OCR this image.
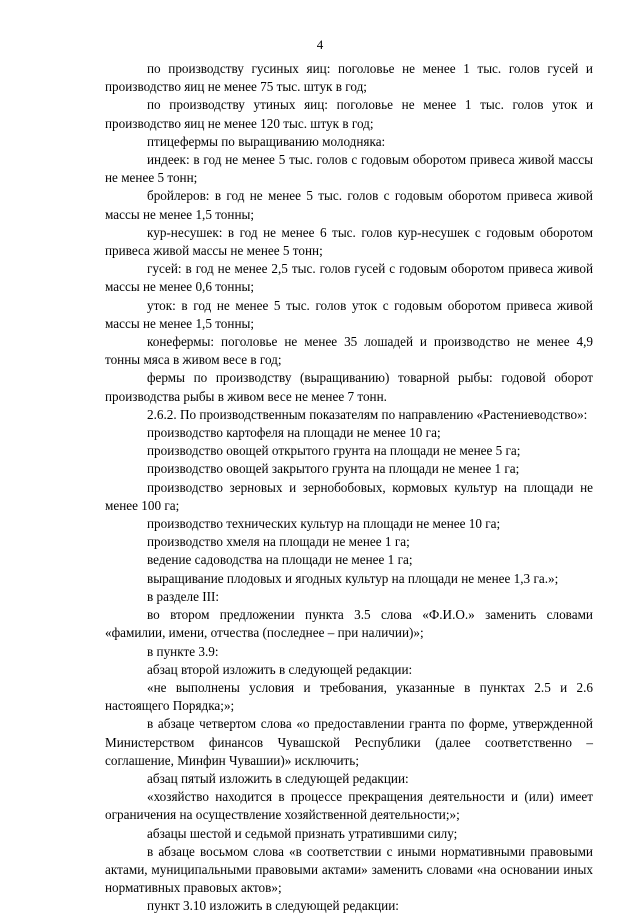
4

по производству гусиных яиц: поголовье не менее 1 тыс. голов гусей и производство яиц не менее 75 тыс. штук в год;

по производству утиных яиц: поголовье не менее 1 тыс. голов уток и производство яиц не менее 120 тыс. штук в год;

птицефермы по выращиванию молодняка:

индеек: в год не менее 5 тыс. голов с годовым оборотом привеса живой массы не менее 5 тонн;

бройлеров: в год не менее 5 тыс. голов с годовым оборотом привеса живой массы не менее 1,5 тонны;

кур-несушек: в год не менее 6 тыс. голов кур-несушек с годовым оборотом привеса живой массы не менее 5 тонн;

гусей: в год не менее 2,5 тыс. голов гусей с годовым оборотом привеса живой массы не менее 0,6 тонны;

уток: в год не менее 5 тыс. голов уток с годовым оборотом привеса живой массы не менее 1,5 тонны;

конефермы: поголовье не менее 35 лошадей и производство не менее 4,9 тонны мяса в живом весе в год;

фермы по производству (выращиванию) товарной рыбы: годовой оборот производства рыбы в живом весе не менее 7 тонн.

2.6.2. По производственным показателям по направлению «Растениеводство»:

производство картофеля на площади не менее 10 га;

производство овощей открытого грунта на площади не менее 5 га;

производство овощей закрытого грунта на площади не менее 1 га;

производство зерновых и зернобобовых, кормовых культур на площади не менее 100 га;

производство технических культур на площади не менее 10 га;

производство хмеля на площади не менее 1 га;

ведение садоводства на площади не менее 1 га;

выращивание плодовых и ягодных культур на площади не менее 1,3 га.»;

в разделе III:

во втором предложении пункта 3.5 слова «Ф.И.О.» заменить словами «фамилии, имени, отчества (последнее – при наличии)»;

в пункте 3.9:

абзац второй изложить в следующей редакции:

«не выполнены условия и требования, указанные в пунктах 2.5 и 2.6 настоящего Порядка;»;

в абзаце четвертом слова «о предоставлении гранта по форме, утвержденной Министерством финансов Чувашской Республики (далее соответственно – соглашение, Минфин Чувашии)» исключить;

абзац пятый изложить в следующей редакции:

«хозяйство находится в процессе прекращения деятельности и (или) имеет ограничения на осуществление хозяйственной деятельности;»;

абзацы шестой и седьмой признать утратившими силу;

в абзаце восьмом слова «в соответствии с иными нормативными правовыми актами, муниципальными правовыми актами» заменить словами «на основании иных нормативных правовых актов»;

пункт 3.10 изложить в следующей редакции:
